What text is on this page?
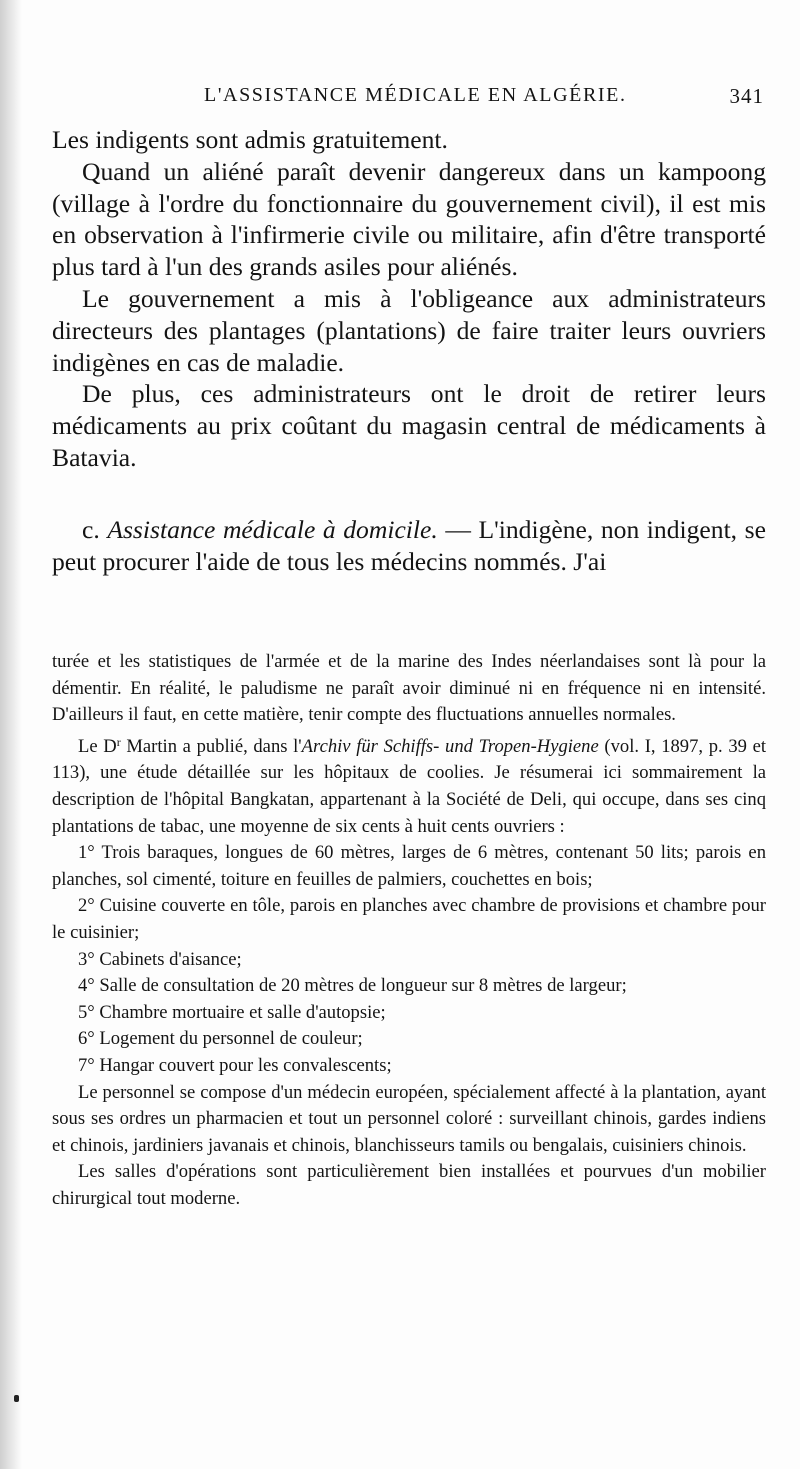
L'ASSISTANCE MÉDICALE EN ALGÉRIE.	341

Les indigents sont admis gratuitement.

Quand un aliéné paraît devenir dangereux dans un kampoong (village à l'ordre du fonctionnaire du gouvernement civil), il est mis en observation à l'infirmerie civile ou militaire, afin d'être transporté plus tard à l'un des grands asiles pour aliénés.

Le gouvernement a mis à l'obligeance aux administrateurs directeurs des plantages (plantations) de faire traiter leurs ouvriers indigènes en cas de maladie.

De plus, ces administrateurs ont le droit de retirer leurs médicaments au prix coûtant du magasin central de médicaments à Batavia.

c. Assistance médicale à domicile. — L'indigène, non indigent, se peut procurer l'aide de tous les médecins nommés. J'ai

turée et les statistiques de l'armée et de la marine des Indes néerlandaises sont là pour la démentir. En réalité, le paludisme ne paraît avoir diminué ni en fréquence ni en intensité. D'ailleurs il faut, en cette matière, tenir compte des fluctuations annuelles normales.

Le $D^r$ Martin a publié, dans l'Archiv für Schiffs- und Tropen-Hygiene (vol. I, 1897, p. 39 et 113), une étude détaillée sur les hôpitaux de coolies. Je résumerai ici sommairement la description de l'hôpital Bangkatan, appartenant à la Société de Deli, qui occupe, dans ses cinq plantations de tabac, une moyenne de six cents à huit cents ouvriers :

1° Trois baraques, longues de 60 mètres, larges de 6 mètres, contenant 50 lits; parois en planches, sol cimenté, toiture en feuilles de palmiers, couchettes en bois;

2° Cuisine couverte en tôle, parois en planches avec chambre de provisions et chambre pour le cuisinier;

3° Cabinets d'aisance;

4° Salle de consultation de 20 mètres de longueur sur 8 mètres de largeur;

5° Chambre mortuaire et salle d'autopsie;

6° Logement du personnel de couleur;

7° Hangar couvert pour les convalescents;

Le personnel se compose d'un médecin européen, spécialement affecté à la plantation, ayant sous ses ordres un pharmacien et tout un personnel coloré : surveillant chinois, gardes indiens et chinois, jardiniers javanais et chinois, blanchisseurs tamils ou bengalais, cuisiniers chinois.

Les salles d'opérations sont particulièrement bien installées et pourvues d'un mobilier chirurgical tout moderne.
